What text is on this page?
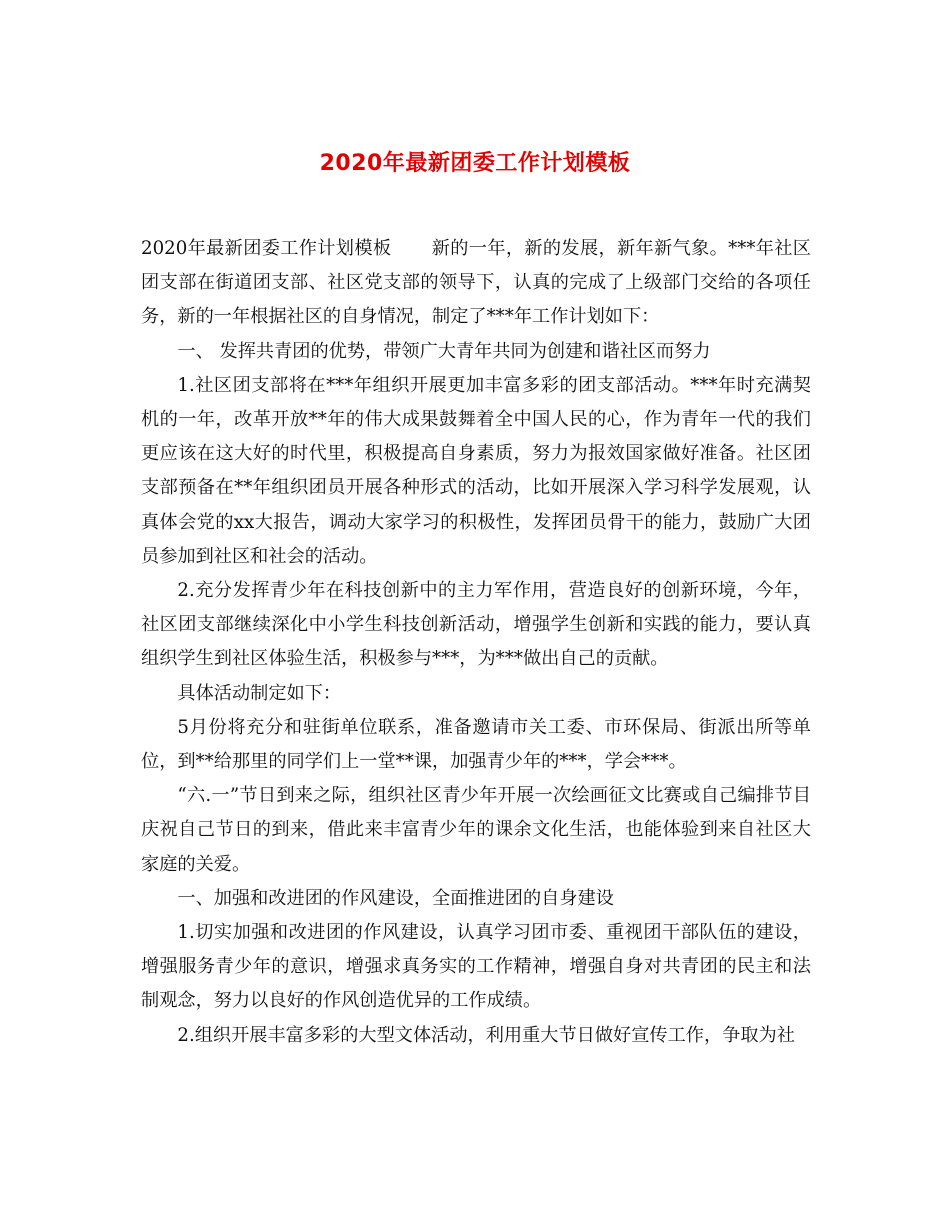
2020年最新团委工作计划模板

2020年最新团委工作计划模板 新的一年，新的发展，新年新气象。***年社区团支部在街道团支部、社区党支部的领导下，认真的完成了上级部门交给的各项任务，新的一年根据社区的自身情况，制定了***年工作计划如下：

一、 发挥共青团的优势，带领广大青年共同为创建和谐社区而努力

1.社区团支部将在***年组织开展更加丰富多彩的团支部活动。***年时充满契机的一年，改革开放**年的伟大成果鼓舞着全中国人民的心，作为青年一代的我们更应该在这大好的时代里，积极提高自身素质，努力为报效国家做好准备。社区团支部预备在**年组织团员开展各种形式的活动，比如开展深入学习科学发展观，认真体会党的xx大报告，调动大家学习的积极性，发挥团员骨干的能力，鼓励广大团员参加到社区和社会的活动。

2.充分发挥青少年在科技创新中的主力军作用，营造良好的创新环境，今年，社区团支部继续深化中小学生科技创新活动，增强学生创新和实践的能力，要认真组织学生到社区体验生活，积极参与***，为***做出自己的贡献。

具体活动制定如下：

5月份将充分和驻街单位联系，准备邀请市关工委、市环保局、街派出所等单位，到**给那里的同学们上一堂**课，加强青少年的***，学会***。

“六.一”节日到来之际，组织社区青少年开展一次绘画征文比赛或自己编排节目庆祝自己节日的到来，借此来丰富青少年的课余文化生活，也能体验到来自社区大家庭的关爱。

一、加强和改进团的作风建设，全面推进团的自身建设

1.切实加强和改进团的作风建设，认真学习团市委、重视团干部队伍的建设，增强服务青少年的意识，增强求真务实的工作精神，增强自身对共青团的民主和法制观念，努力以良好的作风创造优异的工作成绩。

2.组织开展丰富多彩的大型文体活动，利用重大节日做好宣传工作，争取为社
